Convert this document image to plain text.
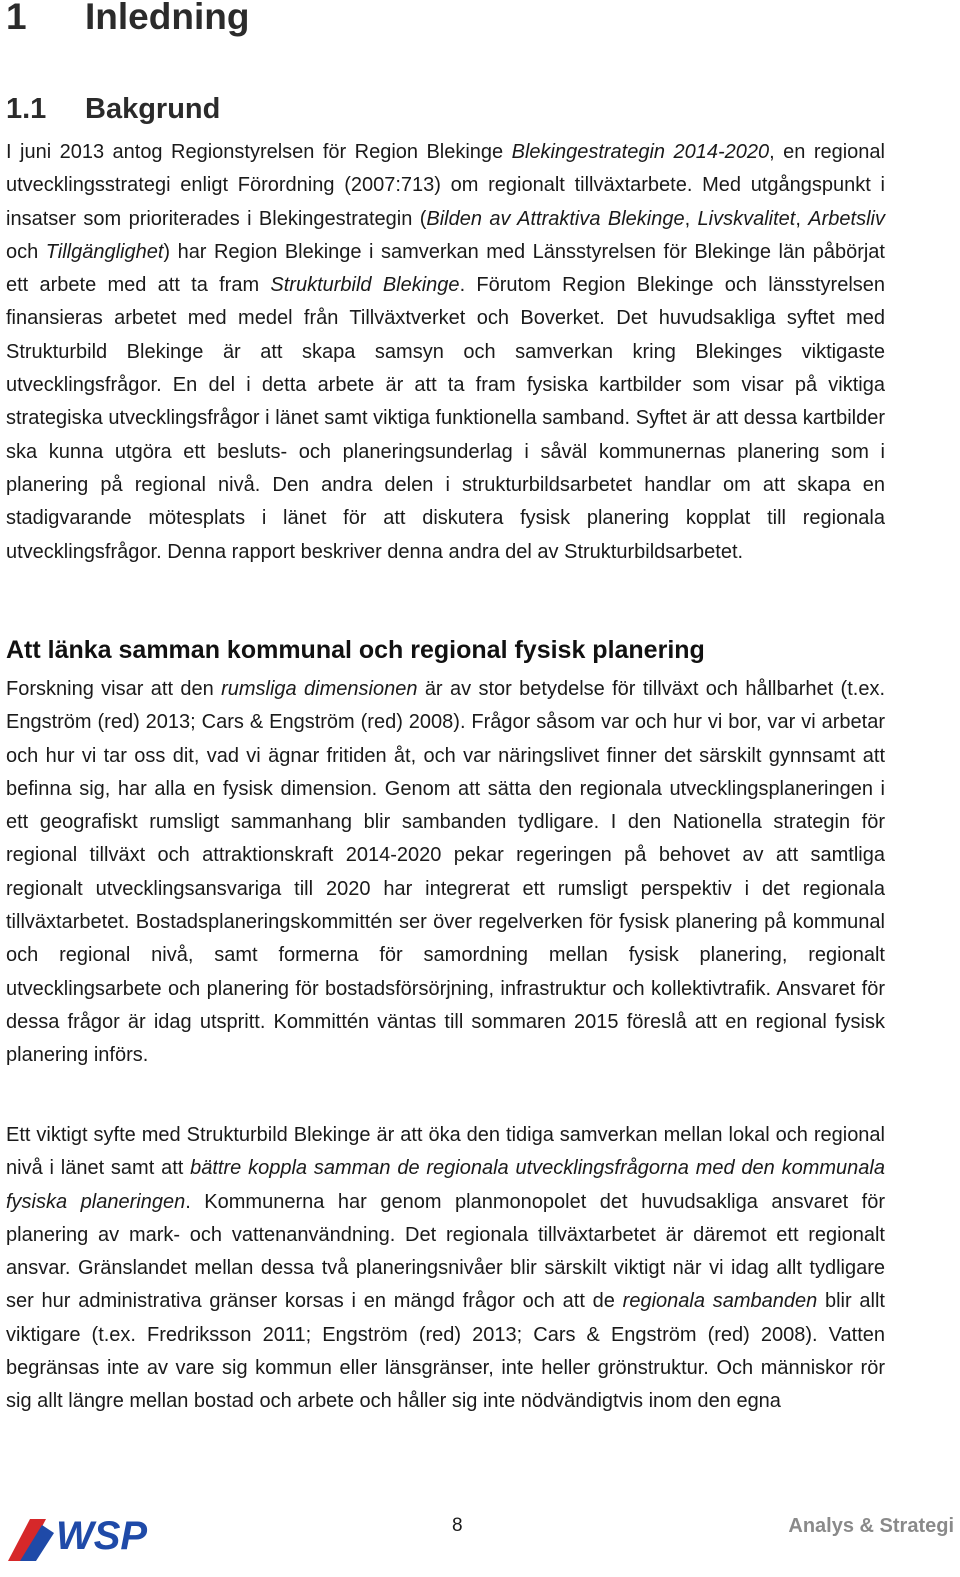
1 Inledning
1.1 Bakgrund

I juni 2013 antog Regionstyrelsen för Region Blekinge Blekingestrategin 2014-2020, en regional utvecklingsstrategi enligt Förordning (2007:713) om regionalt tillväxtarbete. Med utgångspunkt i insatser som prioriterades i Blekingestrategin (Bilden av Attraktiva Blekinge, Livskvalitet, Arbetsliv och Tillgänglighet) har Region Blekinge i samverkan med Länsstyrelsen för Blekinge län påbörjat ett arbete med att ta fram Strukturbild Blekinge. Förutom Region Blekinge och länsstyrelsen finansieras arbetet med medel från Tillväxtverket och Boverket. Det huvudsakliga syftet med Strukturbild Blekinge är att skapa samsyn och samverkan kring Blekinges viktigaste utvecklingsfrågor. En del i detta arbete är att ta fram fysiska kartbilder som visar på viktiga strategiska utvecklingsfrågor i länet samt viktiga funktionella samband. Syftet är att dessa kartbilder ska kunna utgöra ett besluts- och planeringsunderlag i såväl kommunernas planering som i planering på regional nivå. Den andra delen i strukturbildsarbetet handlar om att skapa en stadigvarande mötesplats i länet för att diskutera fysisk planering kopplat till regionala utvecklingsfrågor. Denna rapport beskriver denna andra del av Strukturbildsarbetet.

Att länka samman kommunal och regional fysisk planering

Forskning visar att den rumsliga dimensionen är av stor betydelse för tillväxt och hållbarhet (t.ex. Engström (red) 2013; Cars & Engström (red) 2008). Frågor såsom var och hur vi bor, var vi arbetar och hur vi tar oss dit, vad vi ägnar fritiden åt, och var näringslivet finner det särskilt gynnsamt att befinna sig, har alla en fysisk dimension. Genom att sätta den regionala utvecklingsplaneringen i ett geografiskt rumsligt sammanhang blir sambanden tydligare. I den Nationella strategin för regional tillväxt och attraktionskraft 2014-2020 pekar regeringen på behovet av att samtliga regionalt utvecklingsansvariga till 2020 har integrerat ett rumsligt perspektiv i det regionala tillväxtarbetet. Bostadsplaneringskommittén ser över regelverken för fysisk planering på kommunal och regional nivå, samt formerna för samordning mellan fysisk planering, regionalt utvecklingsarbete och planering för bostadsförsörjning, infrastruktur och kollektivtrafik. Ansvaret för dessa frågor är idag utspritt. Kommittén väntas till sommaren 2015 föreslå att en regional fysisk planering införs.

Ett viktigt syfte med Strukturbild Blekinge är att öka den tidiga samverkan mellan lokal och regional nivå i länet samt att bättre koppla samman de regionala utvecklingsfrågorna med den kommunala fysiska planeringen. Kommunerna har genom planmonopolet det huvudsakliga ansvaret för planering av mark- och vattenanvändning. Det regionala tillväxtarbetet är däremot ett regionalt ansvar. Gränslandet mellan dessa två planeringsnivåer blir särskilt viktigt när vi idag allt tydligare ser hur administrativa gränser korsas i en mängd frågor och att de regionala sambanden blir allt viktigare (t.ex. Fredriksson 2011; Engström (red) 2013; Cars & Engström (red) 2008). Vatten begränsas inte av vare sig kommun eller länsgränser, inte heller grönstruktur. Och människor rör sig allt längre mellan bostad och arbete och håller sig inte nödvändigtvis inom den egna

WSP	8	Analys & Strategi
